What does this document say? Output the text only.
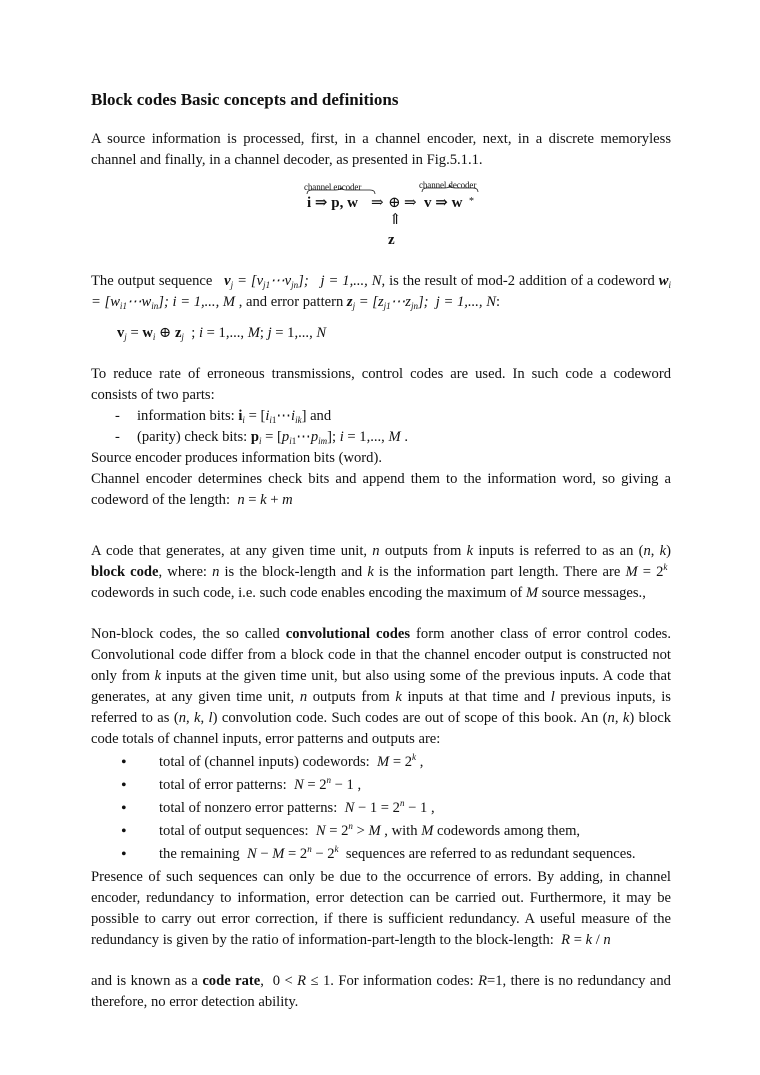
Block codes Basic concepts and definitions

A source information is processed, first, in a channel encoder, next, in a discrete memoryless channel and finally, in a channel decoder, as presented in Fig.5.1.1.

channel encoder	channel decoder
i ⇒ p, w ⇒ ⊕ ⇒ v ⇒ w *
⇑
z

The output sequence $v_j$ = $[v_{j1}\cdots v_{jn}]$;   j = 1,..., N, is the result of mod-2 addition of a codeword $w_i$ = $[w_{i1}\cdots w_{in}]$; i = 1,..., M , and error pattern $z_j$ = $[z_{j1}\cdots z_{jn}]$;  j = 1,..., N:

$v_j = w_i$ ⊕ $z_j$  ; i = 1,..., M; j = 1,..., N

To reduce rate of erroneous transmissions, control codes are used. In such code a codeword consists of two parts:

- information bits: $i_i$ = $[i_{i1}\cdots i_{ik}]$ and
- (parity) check bits: $p_i$ = $[p_{i1}\cdots p_{im}]$; i = 1,..., M .

Source encoder produces information bits (word).

Channel encoder determines check bits and append them to the information word, so giving a codeword of the length: n = k + m

A code that generates, at any given time unit, n outputs from k inputs is referred to as an (n, k) block code, where: n is the block-length and k is the information part length. There are $M = 2^k$  codewords in such code, i.e. such code enables encoding the maximum of M source messages.,

Non-block codes, the so called convolutional codes form another class of error control codes. Convolutional code differ from a block code in that the channel encoder output is constructed not only from k inputs at the given time unit, but also using some of the previous inputs. A code that generates, at any given time unit, n outputs from k inputs at that time and l previous inputs, is referred to as (n, k, l) convolution code. Such codes are out of scope of this book. An (n, k) block code totals of channel inputs, error patterns and outputs are:

• total of (channel inputs) codewords: $M = 2^k$ ,
• total of error patterns: $N = 2^n - 1$ ,
• total of nonzero error patterns: $N - 1 = 2^n - 1$ ,
• total of output sequences: $N = 2^n > M$ , with M codewords among them,
• the remaining $N - M = 2^n - 2^k$ sequences are referred to as redundant sequences.

Presence of such sequences can only be due to the occurrence of errors. By adding, in channel encoder, redundancy to information, error detection can be carried out. Furthermore, it may be possible to carry out error correction, if there is sufficient redundancy. A useful measure of the redundancy is given by the ratio of information-part-length to the block-length: R = k / n

and is known as a code rate,  0 < R ≤ 1. For information codes: R=1, there is no redundancy and therefore, no error detection ability.
